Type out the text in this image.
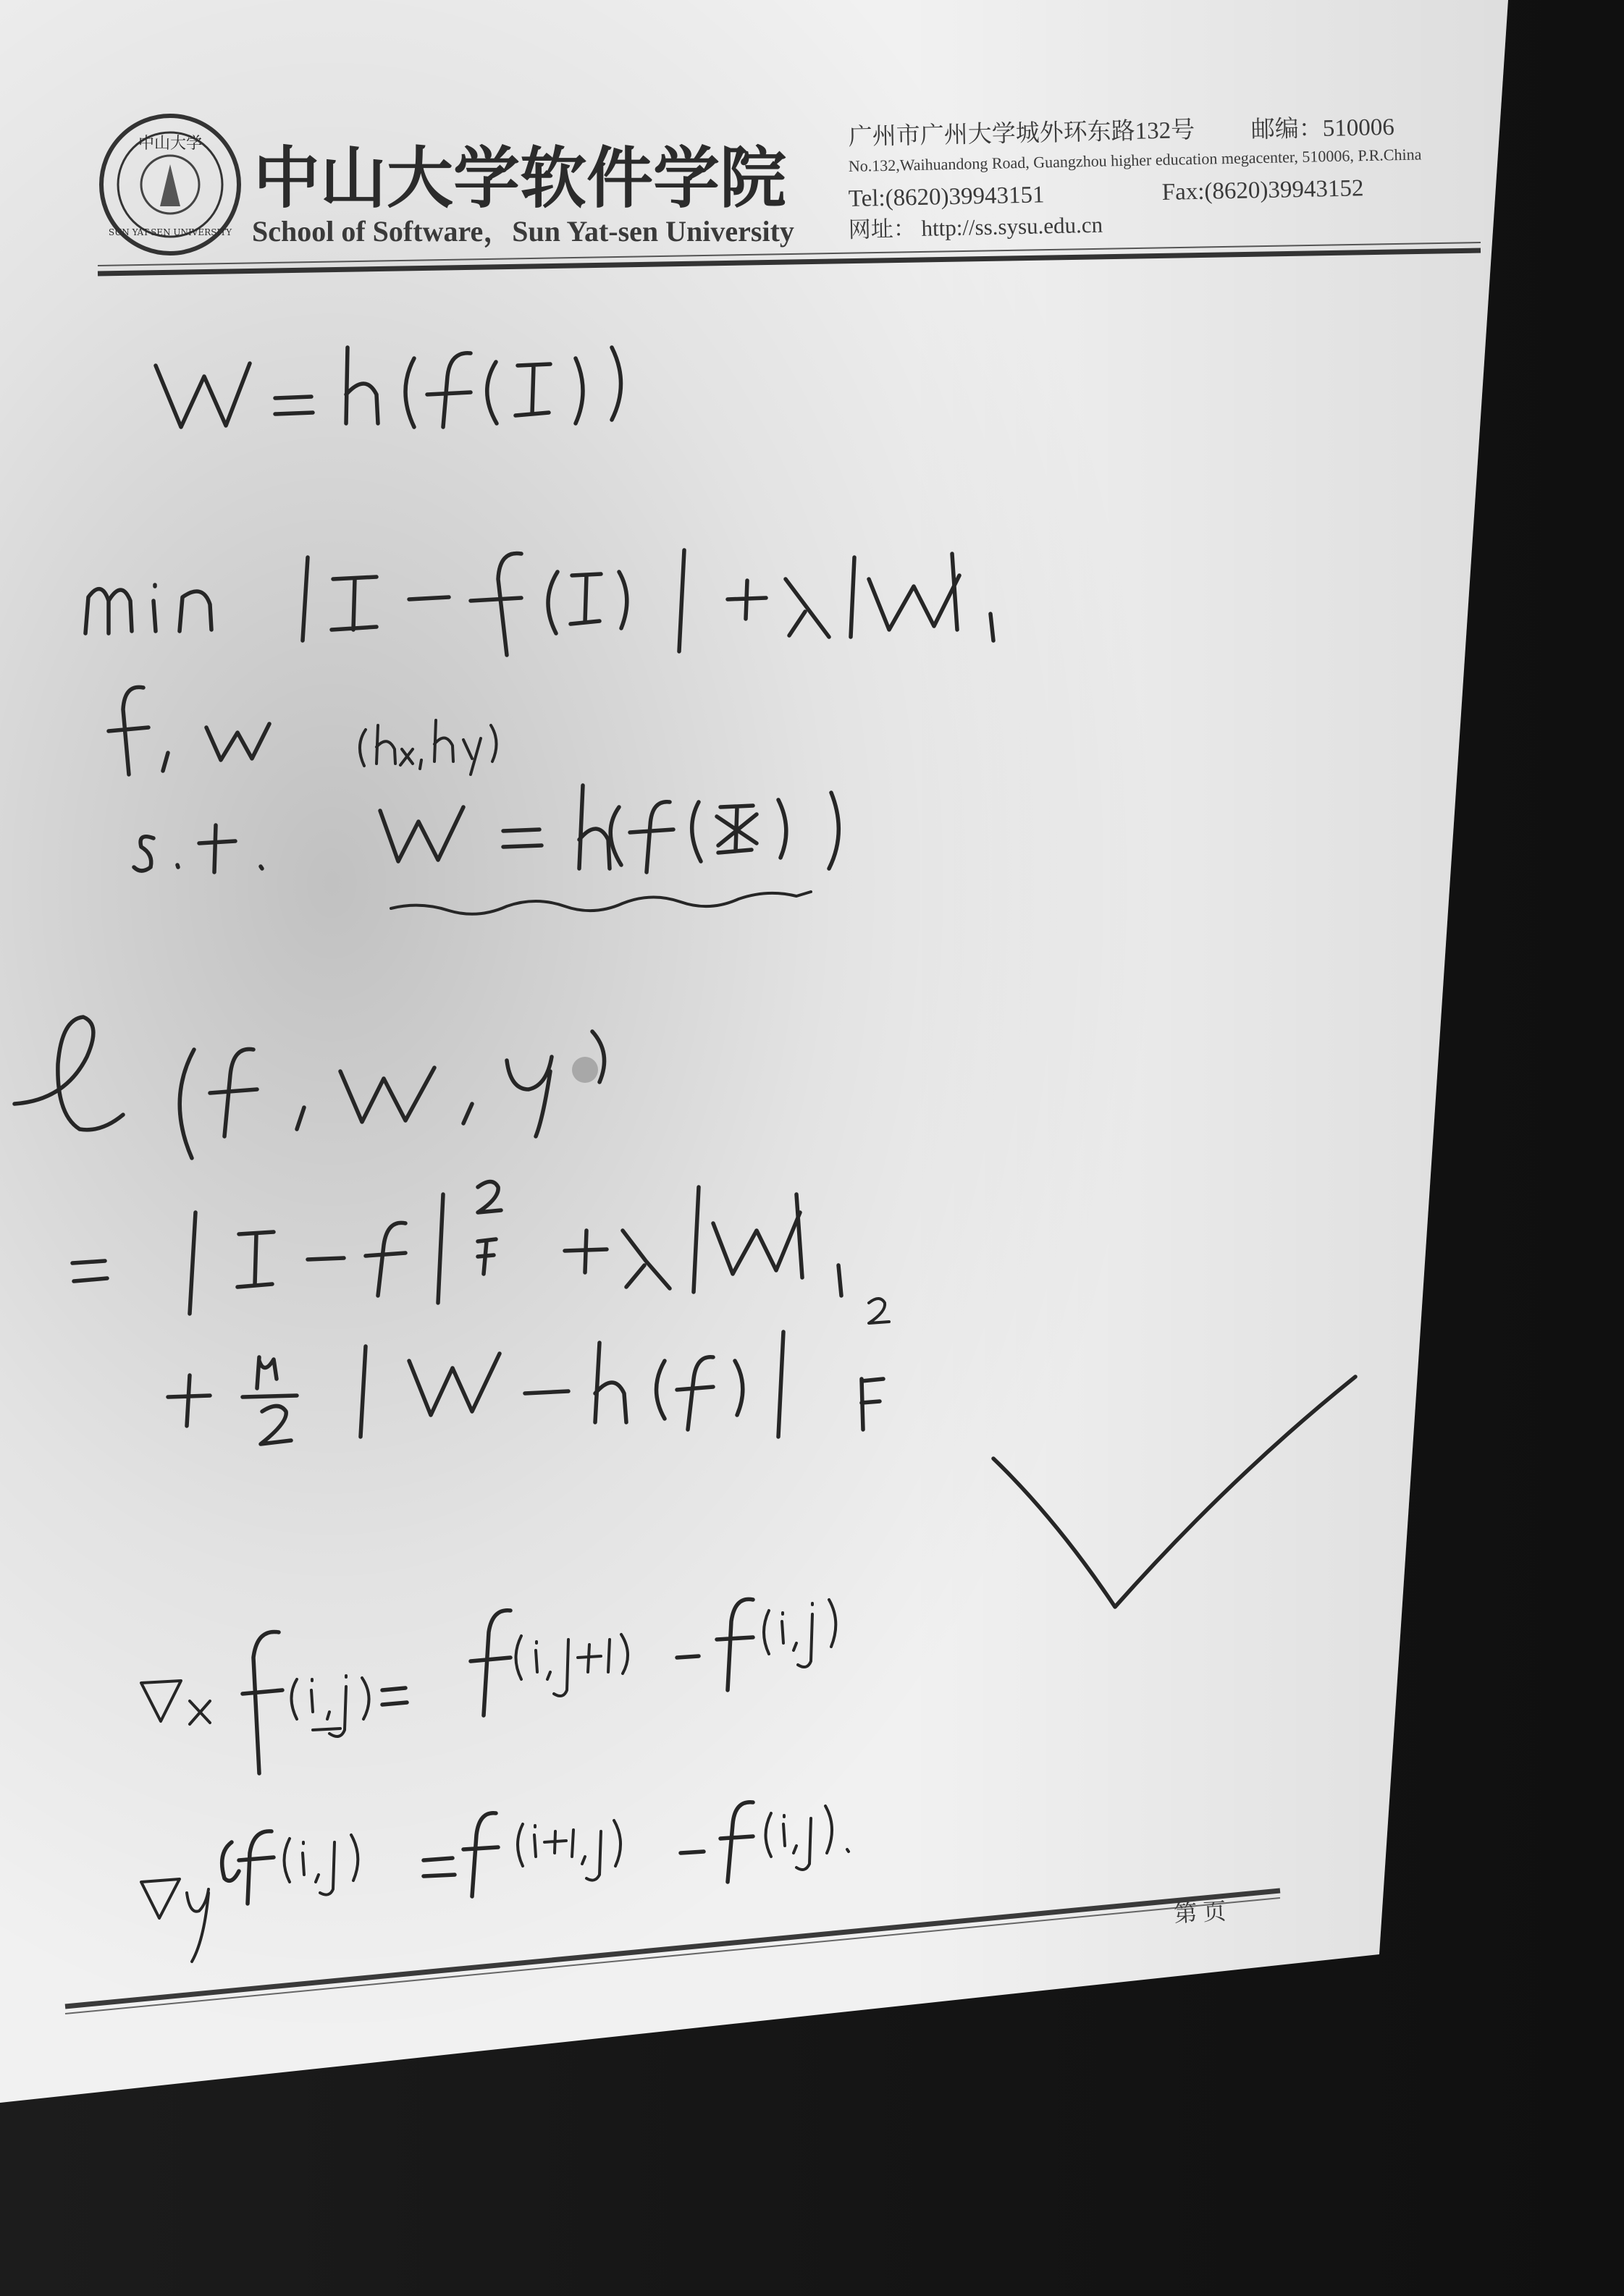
中山大学
SUN YAT-SEN UNIVERSITY
中山大学软件学院
School of Software，Sun Yat-sen University
广州市广州大学城外环东路132号 邮编：510006
No.132,Waihuandong Road, Guangzhou higher education megacenter, 510006, P.R.China
Tel:(8620)39943151	Fax:(8620)39943152
网址： http://ss.sysu.edu.cn
第 页
